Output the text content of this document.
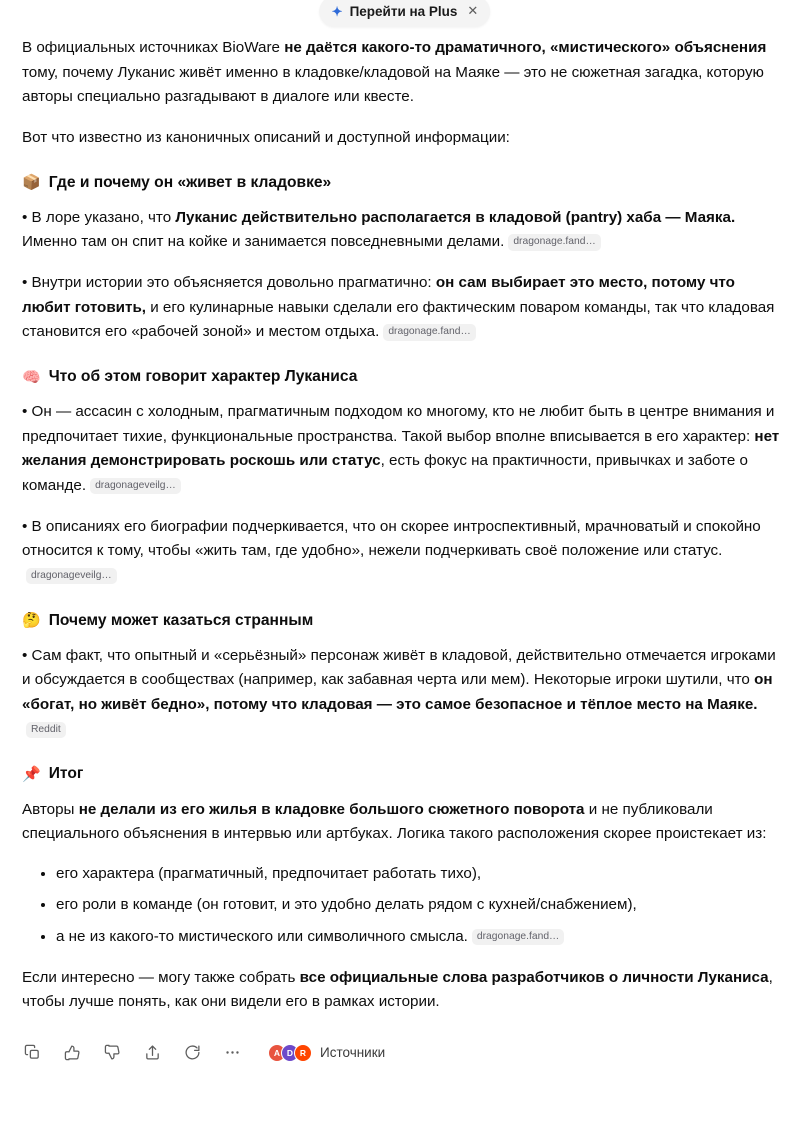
✦ Перейти на Plus ✕

В официальных источниках BioWare не даётся какого-то драматичного, «мистического» объяснения тому, почему Луканис живёт именно в кладовке/кладовой на Маяке — это не сюжетная загадка, которую авторы специально разгадывают в диалоге или квесте.

Вот что известно из каноничных описаний и доступной информации:

📦 Где и почему он «живет в кладовке»

• В лоре указано, что Луканис действительно располагается в кладовой (pantry) хаба — Маяка. Именно там он спит на койке и занимается повседневными делами. dragonage.fand…

• Внутри истории это объясняется довольно прагматично: он сам выбирает это место, потому что любит готовить, и его кулинарные навыки сделали его фактическим поваром команды, так что кладовая становится его «рабочей зоной» и местом отдыха. dragonage.fand…

🧠 Что об этом говорит характер Луканиса

• Он — ассасин с холодным, прагматичным подходом ко многому, кто не любит быть в центре внимания и предпочитает тихие, функциональные пространства. Такой выбор вполне вписывается в его характер: нет желания демонстрировать роскошь или статус, есть фокус на практичности, привычках и заботе о команде. dragonageveilg…

• В описаниях его биографии подчеркивается, что он скорее интроспективный, мрачноватый и спокойно относится к тому, чтобы «жить там, где удобно», нежели подчеркивать своё положение или статус.dragonageveilg…

🤔 Почему может казаться странным

• Сам факт, что опытный и «серьёзный» персонаж живёт в кладовой, действительно отмечается игроками и обсуждается в сообществах (например, как забавная черта или мем). Некоторые игроки шутили, что он «богат, но живёт бедно», потому что кладовая — это самое безопасное и тёплое место на Маяке.Reddit

📌 Итог

Авторы не делали из его жилья в кладовке большого сюжетного поворота и не публиковали специального объяснения в интервью или артбуках. Логика такого расположения скорее проистекает из:

• его характера (прагматичный, предпочитает работать тихо),
• его роли в команде (он готовит, и это удобно делать рядом с кухней/снабжением),
• а не из какого-то мистического или символичного смысла. dragonage.fand…

Если интересно — могу также собрать все официальные слова разработчиков о личности Луканиса, чтобы лучше понять, как они видели его в рамках истории.

A D R	Источники
